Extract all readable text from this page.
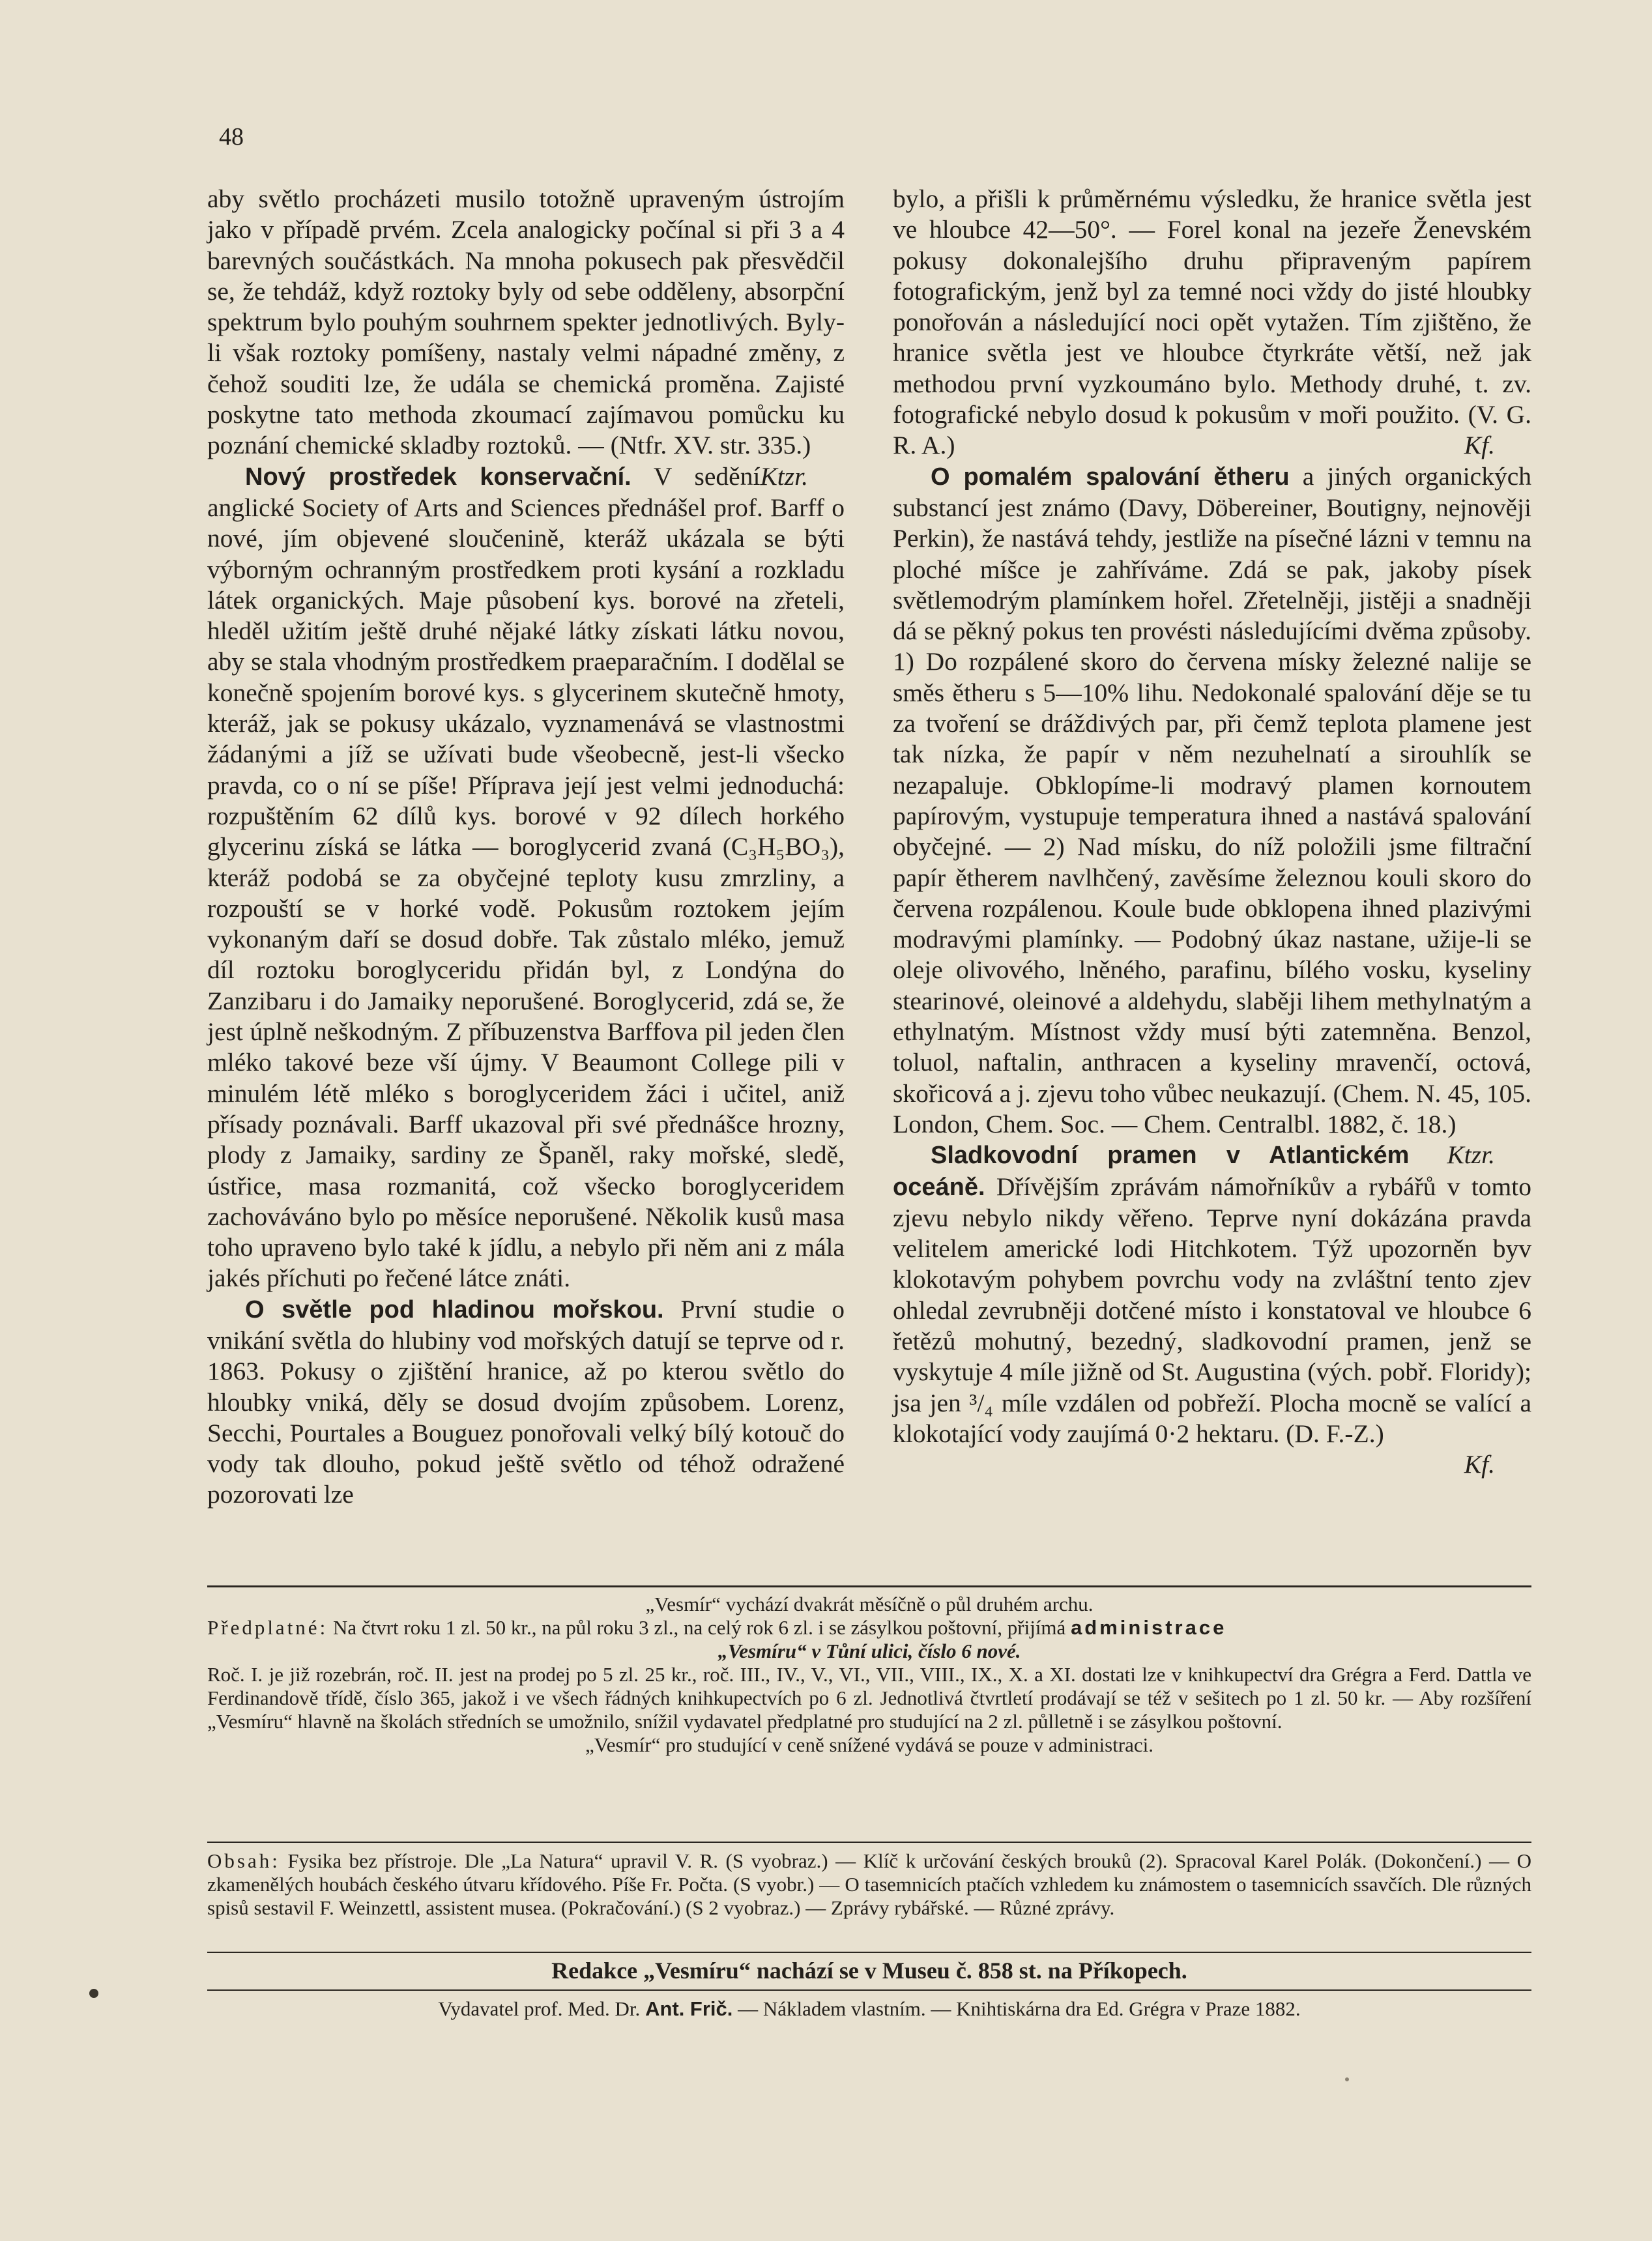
48

aby světlo procházeti musilo totožně upraveným ústrojím jako v případě prvém. Zcela analogicky počínal si při 3 a 4 barevných součástkách. Na mnoha pokusech pak přesvědčil se, že tehdáž, když roztoky byly od sebe odděleny, absorpční spektrum bylo pouhým souhrnem spekter jednotlivých. Byly-li však roztoky pomíšeny, nastaly velmi nápadné změny, z čehož souditi lze, že udála se chemická proměna. Zajisté poskytne tato methoda zkoumací zajímavou pomůcku ku poznání chemické skladby roztoků. — (Ntfr. XV. str. 335.)
Ktzr.

Nový prostředek konservační. V sedění anglické Society of Arts and Sciences přednášel prof. Barff o nové, jím objevené sloučenině, kteráž ukázala se býti výborným ochranným prostředkem proti kysání a rozkladu látek organických. Maje působení kys. borové na zřeteli, hleděl užitím ještě druhé nějaké látky získati látku novou, aby se stala vhodným prostředkem praeparačním. I dodělal se konečně spojením borové kys. s glycerinem skutečně hmoty, kteráž, jak se pokusy ukázalo, vyznamenává se vlastnostmi žádanými a jíž se užívati bude všeobecně, jest-li všecko pravda, co o ní se píše! Příprava její jest velmi jednoduchá: rozpuštěním 62 dílů kys. borové v 92 dílech horkého glycerinu získá se látka — boroglycerid zvaná (C₃H₅BO₃), kteráž podobá se za obyčejné teploty kusu zmrzliny, a rozpouští se v horké vodě. Pokusům roztokem jejím vykonaným daří se dosud dobře. Tak zůstalo mléko, jemuž díl roztoku boroglyceridu přidán byl, z Londýna do Zanzibaru i do Jamaiky neporušené. Boroglycerid, zdá se, že jest úplně neškodným. Z příbuzenstva Barffova pil jeden člen mléko takové beze vší újmy. V Beaumont College pili v minulém létě mléko s boroglyceridem žáci i učitel, aniž přísady poznávali. Barff ukazoval při své přednášce hrozny, plody z Jamaiky, sardiny ze Španěl, raky mořské, sledě, ústřice, masa rozmanitá, což všecko boroglyceridem zachováváno bylo po měsíce neporušené. Několik kusů masa toho upraveno bylo také k jídlu, a nebylo při něm ani z mála jakés příchuti po řečené látce znáti.

O světle pod hladinou mořskou. První studie o vnikání světla do hlubiny vod mořských datují se teprve od r. 1863. Pokusy o zjištění hranice, až po kterou světlo do hloubky vniká, děly se dosud dvojím způsobem. Lorenz, Secchi, Pourtales a Bouguez ponořovali velký bílý kotouč do vody tak dlouho, pokud ještě světlo od téhož odražené pozorovati lze

bylo, a přišli k průměrnému výsledku, že hranice světla jest ve hloubce 42—50°. — Forel konal na jezeře Ženevském pokusy dokonalejšího druhu připraveným papírem fotografickým, jenž byl za temné noci vždy do jisté hloubky ponořován a následující noci opět vytažen. Tím zjištěno, že hranice světla jest ve hloubce čtyrkráte větší, než jak methodou první vyzkoumáno bylo. Methody druhé, t. zv. fotografické nebylo dosud k pokusům v moři použito. (V. G. R. A.)	Kf.

O pomalém spalování ětheru a jiných organických substancí jest známo (Davy, Döbereiner, Boutigny, nejnověji Perkin), že nastává tehdy, jestliže na písečné lázni v temnu na ploché míšce je zahříváme. Zdá se pak, jakoby písek světlemodrým plamínkem hořel. Zřetelněji, jistěji a snadněji dá se pěkný pokus ten provésti následujícími dvěma způsoby. 1) Do rozpálené skoro do červena mísky železné nalije se směs ětheru s 5—10% lihu. Nedokonalé spalování děje se tu za tvoření se dráždivých par, při čemž teplota plamene jest tak nízka, že papír v něm nezuhelnatí a sirouhlík se nezapaluje. Obklopíme-li modravý plamen kornoutem papírovým, vystupuje temperatura ihned a nastává spalování obyčejné. — 2) Nad mísku, do níž položili jsme filtrační papír ětherem navlhčený, zavěsíme železnou kouli skoro do červena rozpálenou. Koule bude obklopena ihned plazivými modravými plamínky. — Podobný úkaz nastane, užije-li se oleje olivového, lněného, parafinu, bílého vosku, kyseliny stearinové, oleinové a aldehydu, slaběji lihem methylnatým a ethylnatým. Místnost vždy musí býti zatemněna. Benzol, toluol, naftalin, anthracen a kyseliny mravenčí, octová, skořicová a j. zjevu toho vůbec neukazují. (Chem. N. 45, 105. London, Chem. Soc. — Chem. Centralbl. 1882, č. 18.)
Ktzr.

Sladkovodní pramen v Atlantickém oceáně. Dřívějším zprávám námořníkův a rybářů v tomto zjevu nebylo nikdy věřeno. Teprve nyní dokázána pravda velitelem americké lodi Hitchkotem. Týž upozorněn byv klokotavým pohybem povrchu vody na zvláštní tento zjev ohledal zevrubněji dotčené místo i konstatoval ve hloubce 6 řetězů mohutný, bezedný, sladkovodní pramen, jenž se vyskytuje 4 míle jižně od St. Augustina (vých. pobř. Floridy); jsa jen ³/₄ míle vzdálen od pobřeží. Plocha mocně se valící a klokotající vody zaujímá 0·2 hektaru. (D. F.-Z.)

Kf.

„Vesmír“ vychází dvakrát měsíčně o půl druhém archu.
Předplatné: Na čtvrt roku 1 zl. 50 kr., na půl roku 3 zl., na celý rok 6 zl. i se zásylkou poštovní, přijímá administrace
„Vesmíru“ v Tůní ulici, číslo 6 nové.
Roč. I. je již rozebrán, roč. II. jest na prodej po 5 zl. 25 kr., roč. III., IV., V., VI., VII., VIII., IX., X. a XI. dostati lze v knihkupectví dra Grégra a Ferd. Dattla ve Ferdinandově třídě, číslo 365, jakož i ve všech řádných knihkupectvích po 6 zl. Jednotlivá čtvrtletí prodávají se též v sešitech po 1 zl. 50 kr. — Aby rozšíření „Vesmíru“ hlavně na školách středních se umožnilo, snížil vydavatel předplatné pro studující na 2 zl. půlletně i se zásylkou poštovní.
„Vesmír“ pro studující v ceně snížené vydává se pouze v administraci.
Obsah: Fysika bez přístroje. Dle „La Natura“ upravil V. R. (S vyobraz.) — Klíč k určování českých brouků (2). Spracoval Karel Polák. (Dokončení.) — O zkamenělých houbách českého útvaru křídového. Píše Fr. Počta. (S vyobr.) — O tasemnicích ptačích vzhledem ku známostem o tasemnicích ssavčích. Dle různých spisů sestavil F. Weinzettl, assistent musea. (Pokračování.) (S 2 vyobraz.) — Zprávy rybářské. — Různé zprávy.
Redakce „Vesmíru“ nachází se v Museu č. 858 st. na Příkopech.
Vydavatel prof. Med. Dr. Ant. Frič. — Nákladem vlastním. — Knihtiskárna dra Ed. Grégra v Praze 1882.
